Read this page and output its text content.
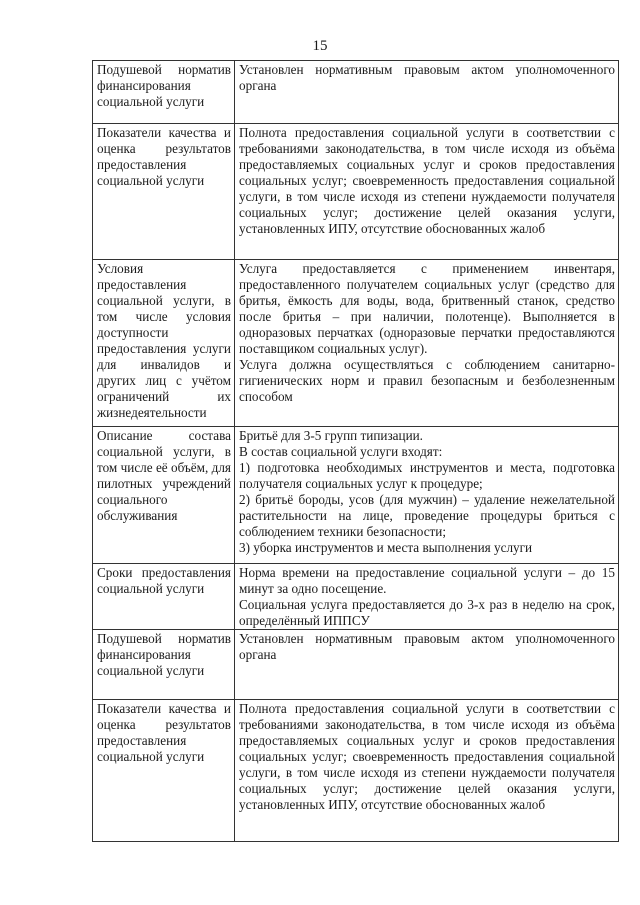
15
Подушевой норматив финансирования социальной услуги	Установлен нормативным правовым актом уполномоченного органа

Показатели качества и оценка результатов предоставления социальной услуги	Полнота предоставления социальной услуги в соответствии с требованиями законодательства, в том числе исходя из объёма предоставляемых социальных услуг и сроков предоставления социальных услуг; своевременность предоставления социальной услуги, в том числе исходя из степени нуждаемости получателя социальных услуг; достижение целей оказания услуги, установленных ИПУ, отсутствие обоснованных жалоб

Условия предоставления социальной услуги, в том числе условия доступности предоставления услуги для инвалидов и других лиц с учётом ограничений их жизнедеятельности	Услуга предоставляется с применением инвентаря, предоставленного получателем социальных услуг (средство для бритья, ёмкость для воды, вода, бритвенный станок, средство после бритья – при наличии, полотенце). Выполняется в одноразовых перчатках (одноразовые перчатки предоставляются поставщиком социальных услуг).
Услуга должна осуществляться с соблюдением санитарно-гигиенических норм и правил безопасным и безболезненным способом

Описание состава социальной услуги, в том числе её объём, для пилотных учреждений социального обслуживания	Бритьё для 3-5 групп типизации.
В состав социальной услуги входят:
1) подготовка необходимых инструментов и места, подготовка получателя социальных услуг к процедуре;
2) бритьё бороды, усов (для мужчин) – удаление нежелательной растительности на лице, проведение процедуры бриться с соблюдением техники безопасности;
3) уборка инструментов и места выполнения услуги

Сроки предоставления социальной услуги	Норма времени на предоставление социальной услуги – до 15 минут за одно посещение.
Социальная услуга предоставляется до 3-х раз в неделю на срок, определённый ИППСУ

Подушевой норматив финансирования социальной услуги	Установлен нормативным правовым актом уполномоченного органа

Показатели качества и оценка результатов предоставления социальной услуги	Полнота предоставления социальной услуги в соответствии с требованиями законодательства, в том числе исходя из объёма предоставляемых социальных услуг и сроков предоставления социальных услуг; своевременность предоставления социальной услуги, в том числе исходя из степени нуждаемости получателя социальных услуг; достижение целей оказания услуги, установленных ИПУ, отсутствие обоснованных жалоб
